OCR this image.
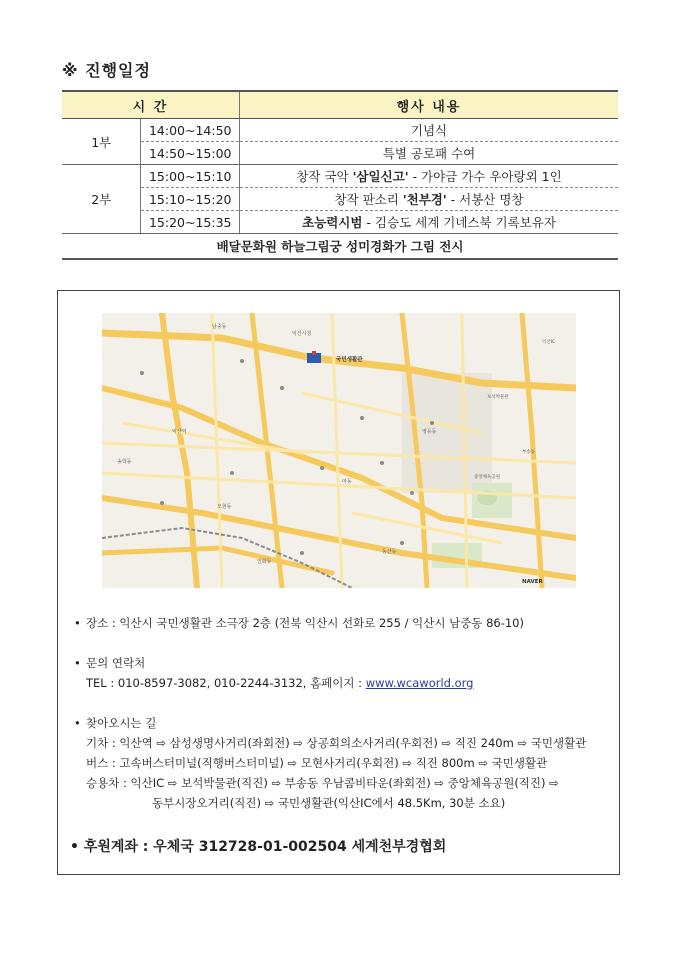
※ 진행일정
시 간		행사 내용
1부	14:00~14:50	기념식
	14:50~15:00	특별 공로패 수여
2부	15:00~15:10	창작 국악 '삼일신고' - 가야금 가수 우아랑외 1인
	15:10~15:20	창작 판소리 '천부경' - 서봉산 명창
	15:20~15:35	초능력시범 - 김승도 세계 기네스북 기록보유자
배달문화원 하늘그림궁 성미경화가 그림 전시		
국민생활관
익산시청
남중동
익산역
모현동
동산동
영등동
마동
인화동
송학동
중앙체육공원
보석박물관
부송동
익산IC
NAVER
• 장소 : 익산시 국민생활관 소극장 2층 (전북 익산시 선화로 255 / 익산시 남중동 86-10)
• 문의 연락처
TEL : 010-8597-3082, 010-2244-3132, 홈페이지 : www.wcaworld.org
• 찾아오시는 길
기차 : 익산역 ⇨ 삼성생명사거리(좌회전) ⇨ 상공회의소사거리(우회전) ⇨ 직진 240m ⇨ 국민생활관
버스 : 고속버스터미널(직행버스터미널) ⇨ 모현사거리(우회전) ⇨ 직진 800m ⇨ 국민생활관
승용차 : 익산IC ⇨ 보석박물관(직진) ⇨ 부송동 우남콤비타운(좌회전) ⇨ 중앙체육공원(직진) ⇨
동부시장오거리(직진) ⇨ 국민생활관(익산IC에서 48.5Km, 30분 소요)
• 후원계좌 : 우체국 312728-01-002504 세계천부경협회
